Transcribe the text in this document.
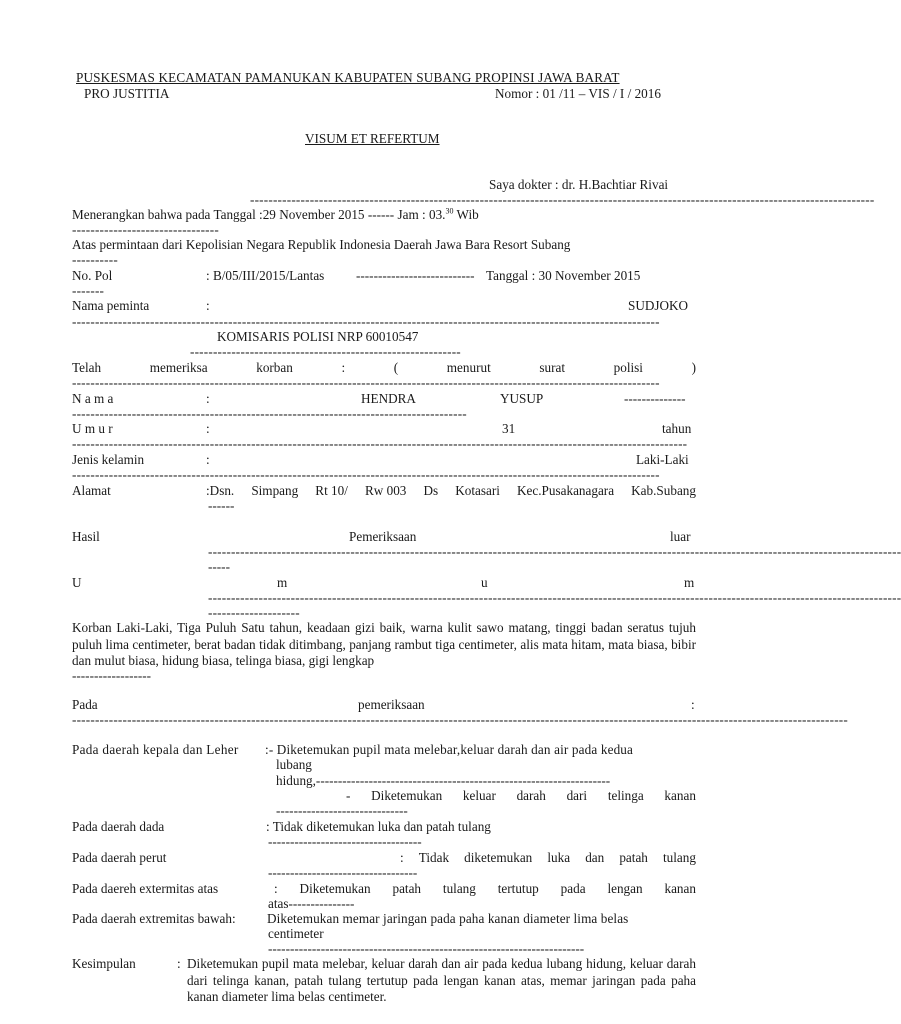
PUSKESMAS KECAMATAN PAMANUKAN KABUPATEN SUBANG PROPINSI JAWA BARAT
PRO JUSTITIA	Nomor : 01 /11 – VIS / I / 2016
VISUM ET REFERTUM
Saya dokter : dr. H.Bachtiar Rivai
----------------------------------------------------------------------------------------------------------------------------------------
Menerangkan bahwa pada Tanggal :29 November 2015 ------ Jam : 03.30 Wib
--------------------------------
Atas permintaan dari Kepolisian Negara Republik Indonesia Daerah Jawa Bara Resort Subang
----------
No. Pol	: B/05/III/2015/Lantas --------------------------- Tanggal : 30 November 2015
-------
Nama peminta	:	SUDJOKO
--------------------------------------------------------------------------------------------------------------------------------
KOMISARIS POLISI NRP 60010547
-----------------------------------------------------------
Telah	memeriksa	korban	:	(	menurut	surat	polisi	)
--------------------------------------------------------------------------------------------------------------------------------
N a m a	:	HENDRA	YUSUP	--------------
--------------------------------------------------------------------------------------
U m u r	:	31	tahun
--------------------------------------------------------------------------------------------------------------------------------------
Jenis kelamin	:	Laki-Laki
--------------------------------------------------------------------------------------------------------------------------------
Alamat	:Dsn. Simpang Rt 10/ Rw 003 Ds Kotasari Kec.Pusakanagara Kab.Subang
------
Hasil	Pemeriksaan	luar
-------------------------------------------------------------------------------------------------------------------------------------------------------
-----
U	m	u	m
-------------------------------------------------------------------------------------------------------------------------------------------------------
--------------------
Korban Laki-Laki, Tiga Puluh Satu tahun, keadaan gizi baik, warna kulit sawo matang, tinggi badan seratus tujuh puluh lima centimeter, berat badan tidak ditimbang, panjang rambut tiga centimeter, alis mata hitam, mata biasa, bibir dan mulut biasa, hidung biasa, telinga biasa, gigi lengkap
------------------
Pada	pemeriksaan	:
-------------------------------------------------------------------------------------------------------------------------------------------------------------------------
Pada daerah kepala dan Leher :- Diketemukan pupil mata melebar,keluar darah dan air pada kedua
lubang
hidung,-------------------------------------------------------------------
- Diketemukan keluar darah dari telinga kanan
------------------------------
Pada daerah dada	: Tidak diketemukan luka dan patah tulang
-----------------------------------
Pada daerah perut	: Tidak diketemukan luka dan patah tulang
----------------------------------
Pada daereh extermitas atas	: Diketemukan patah tulang tertutup pada lengan kanan
atas---------------
Pada daerah extremitas bawah: Diketemukan memar jaringan pada paha kanan diameter lima belas
centimeter
------------------------------------------------------------------------
Kesimpulan	: Diketemukan pupil mata melebar, keluar darah dan air pada kedua lubang hidung, keluar darah dari telinga kanan, patah tulang tertutup pada lengan kanan atas, memar jaringan pada paha kanan diameter lima belas centimeter.
